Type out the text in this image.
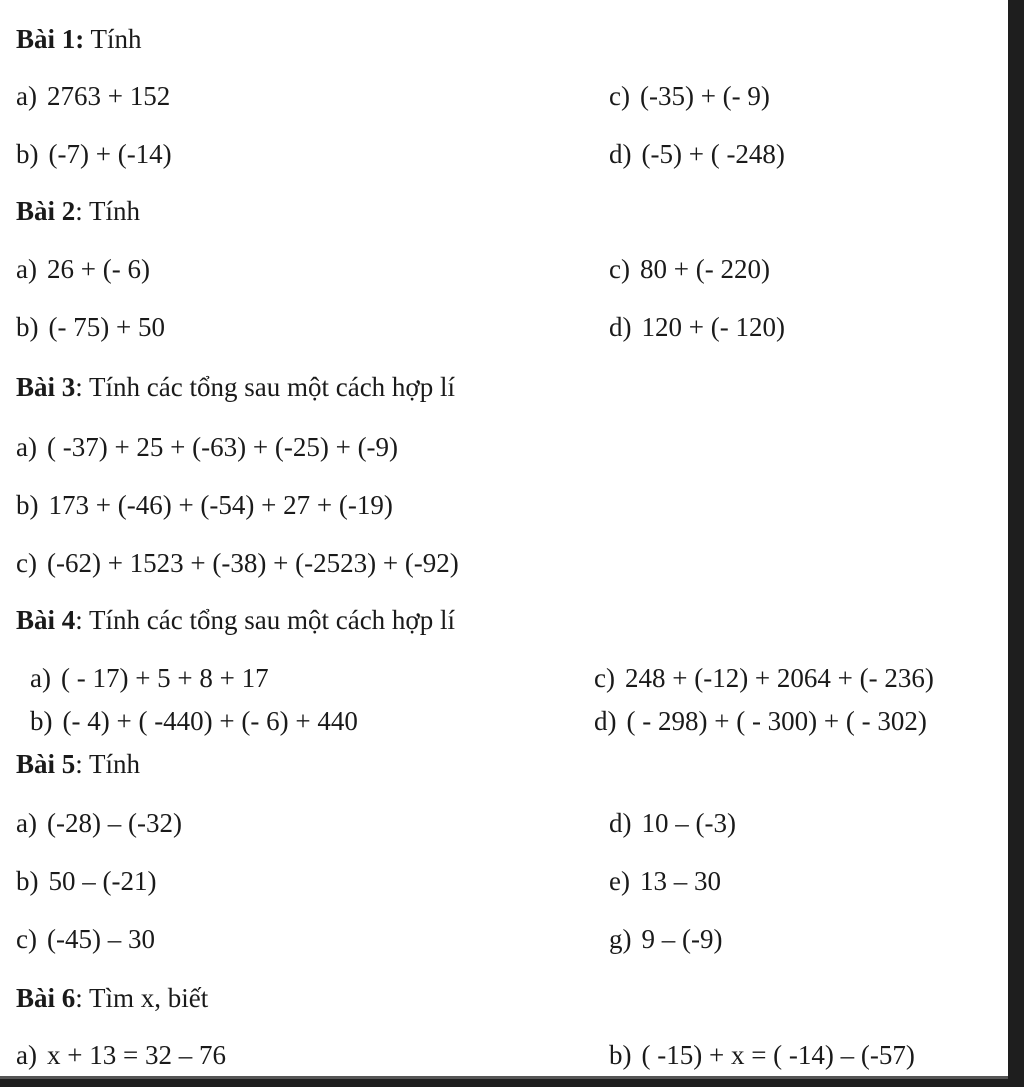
Bài 1: Tính
a) 2763 + 152	c) (-35) + (- 9)
b) (-7) + (-14)	d) (-5) + ( -248)
Bài 2: Tính
a) 26 + (- 6)	c) 80 + (- 220)
b) (- 75) + 50	d) 120 + (- 120)
Bài 3: Tính các tổng sau một cách hợp lí
a) ( -37) + 25 + (-63) + (-25) + (-9)
b) 173 + (-46) + (-54) + 27 + (-19)
c) (-62) + 1523 + (-38) + (-2523) + (-92)
Bài 4: Tính các tổng sau một cách hợp lí
a) ( - 17) + 5 + 8 + 17	c) 248 + (-12) + 2064 + (- 236)
b) (- 4) + ( -440) + (- 6) + 440	d) ( - 298) + ( - 300) + ( - 302)
Bài 5: Tính
a) (-28) – (-32)	d) 10 – (-3)
b) 50 – (-21)	e) 13 – 30
c) (-45) – 30	g) 9 – (-9)
Bài 6: Tìm x, biết
a) x + 13 = 32 – 76	b) ( -15) + x = ( -14) – (-57)
